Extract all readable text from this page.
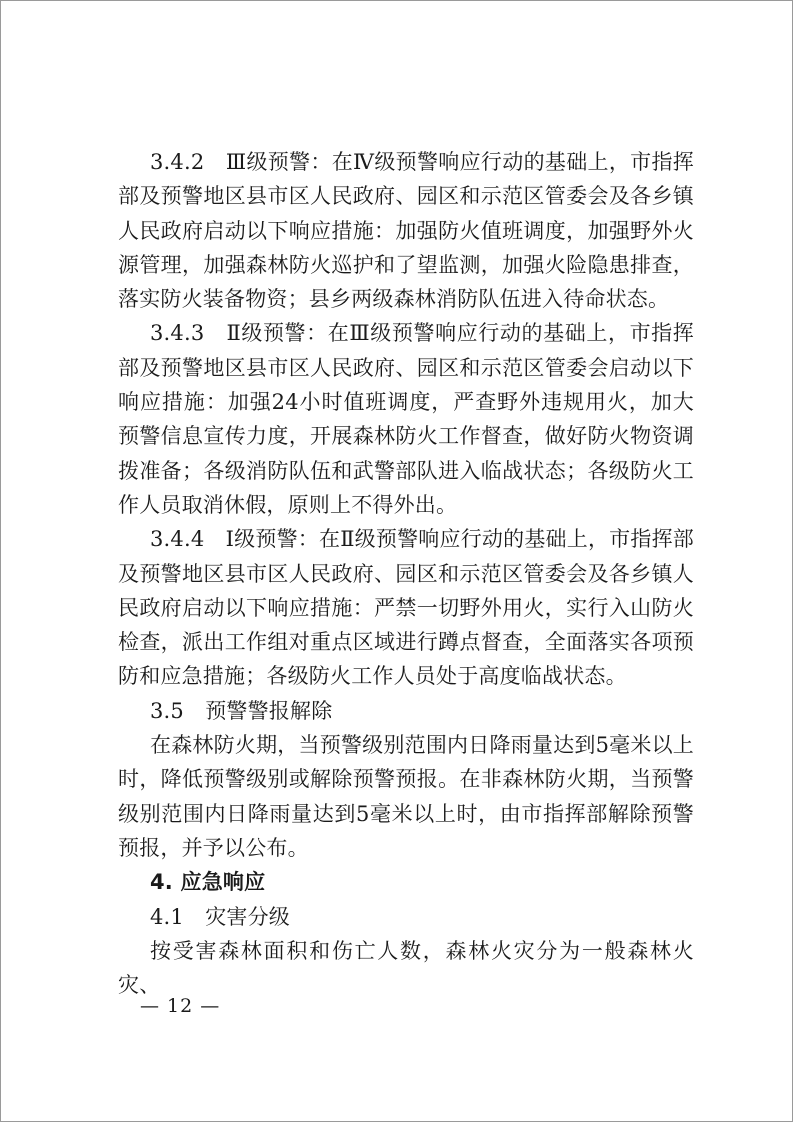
3.4.2　Ⅲ级预警：在Ⅳ级预警响应行动的基础上，市指挥部及预警地区县市区人民政府、园区和示范区管委会及各乡镇人民政府启动以下响应措施：加强防火值班调度，加强野外火源管理，加强森林防火巡护和了望监测，加强火险隐患排查，落实防火装备物资；县乡两级森林消防队伍进入待命状态。

3.4.3　Ⅱ级预警：在Ⅲ级预警响应行动的基础上，市指挥部及预警地区县市区人民政府、园区和示范区管委会启动以下响应措施：加强24小时值班调度，严查野外违规用火，加大预警信息宣传力度，开展森林防火工作督查，做好防火物资调拨准备；各级消防队伍和武警部队进入临战状态；各级防火工作人员取消休假，原则上不得外出。

3.4.4　Ⅰ级预警：在Ⅱ级预警响应行动的基础上，市指挥部及预警地区县市区人民政府、园区和示范区管委会及各乡镇人民政府启动以下响应措施：严禁一切野外用火，实行入山防火检查，派出工作组对重点区域进行蹲点督查，全面落实各项预防和应急措施；各级防火工作人员处于高度临战状态。

3.5　预警警报解除

在森林防火期，当预警级别范围内日降雨量达到5毫米以上时，降低预警级别或解除预警预报。在非森林防火期，当预警级别范围内日降雨量达到5毫米以上时，由市指挥部解除预警预报，并予以公布。

4. 应急响应

4.1　灾害分级

按受害森林面积和伤亡人数，森林火灾分为一般森林火灾、

— 12 —
